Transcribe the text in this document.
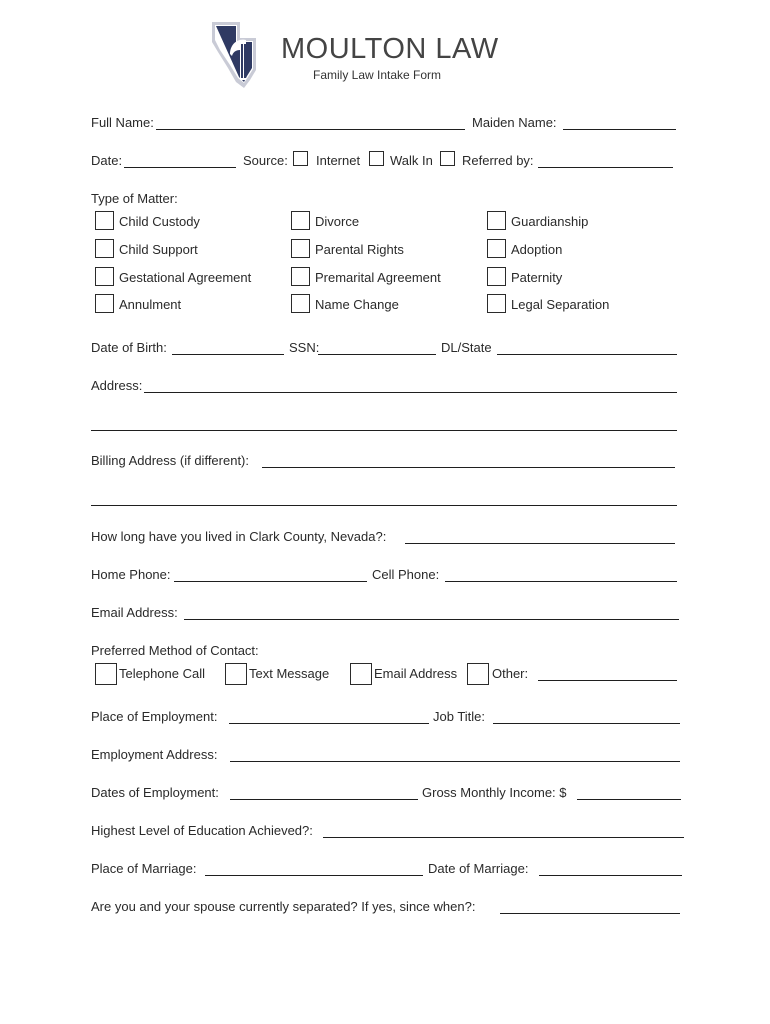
MOULTON LAW
Family Law Intake Form
Full Name:	Maiden Name:
Date:	Source: Internet Walk In Referred by:
Type of Matter:
Child Custody
Child Support
Gestational Agreement
Annulment
Divorce
Parental Rights
Premarital Agreement
Name Change
Guardianship
Adoption
Paternity
Legal Separation
Date of Birth:	SSN:	DL/State
Address:
Billing Address (if different):
How long have you lived in Clark County, Nevada?:
Home Phone:	Cell Phone:
Email Address:
Preferred Method of Contact:
Telephone Call	Text Message	Email Address	Other:
Place of Employment:	Job Title:
Employment Address:
Dates of Employment:	Gross Monthly Income: $
Highest Level of Education Achieved?:
Place of Marriage:	Date of Marriage:
Are you and your spouse currently separated? If yes, since when?:
